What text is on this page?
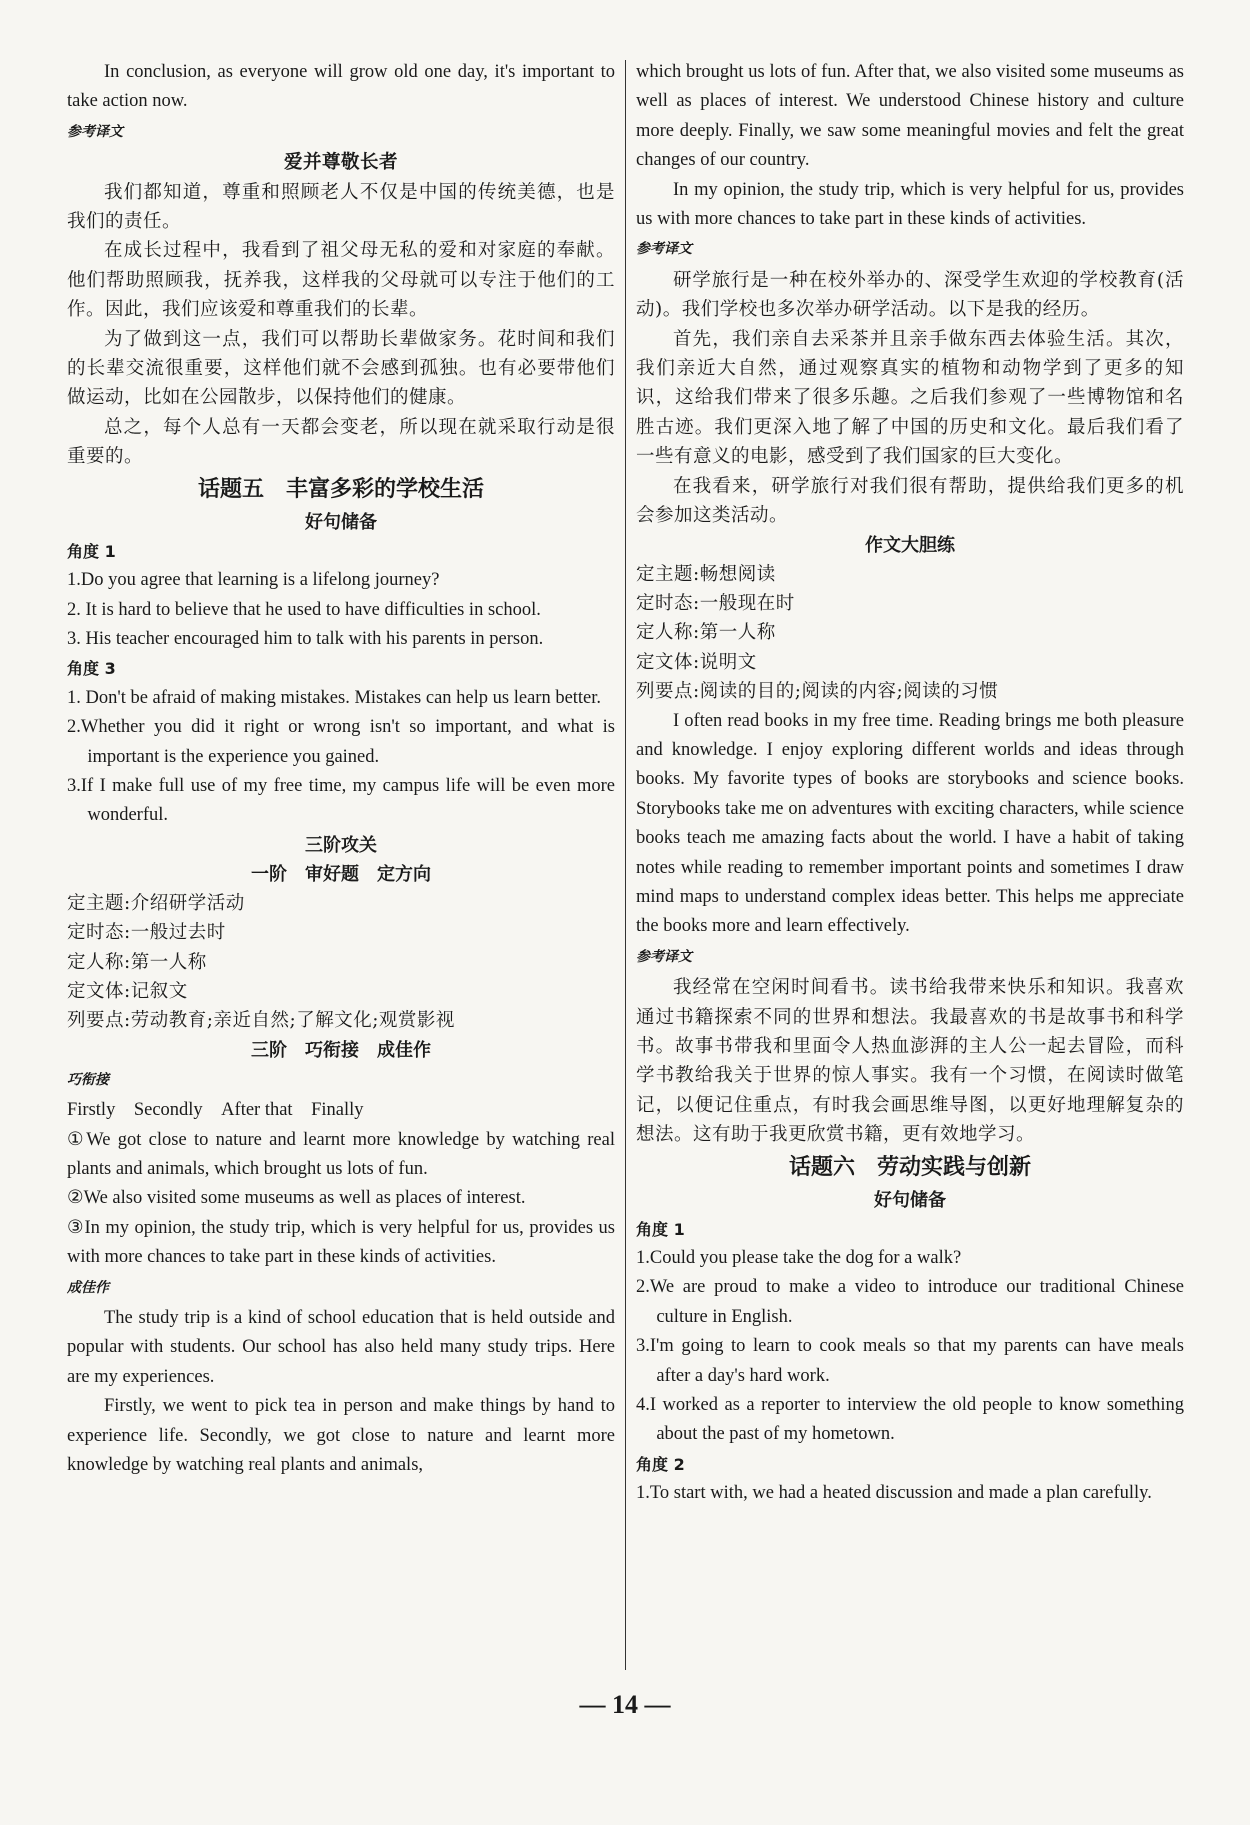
In conclusion, as everyone will grow old one day, it's important to take action now.

参考译文

爱并尊敬长者

我们都知道，尊重和照顾老人不仅是中国的传统美德，也是我们的责任。

在成长过程中，我看到了祖父母无私的爱和对家庭的奉献。他们帮助照顾我，抚养我，这样我的父母就可以专注于他们的工作。因此，我们应该爱和尊重我们的长辈。

为了做到这一点，我们可以帮助长辈做家务。花时间和我们的长辈交流很重要，这样他们就不会感到孤独。也有必要带他们做运动，比如在公园散步，以保持他们的健康。

总之，每个人总有一天都会变老，所以现在就采取行动是很重要的。

话题五　丰富多彩的学校生活

好句储备

角度 1

1.Do you agree that learning is a lifelong journey?

2. It is hard to believe that he used to have difficulties in school.

3. His teacher encouraged him to talk with his parents in person.

角度 3

1. Don't be afraid of making mistakes. Mistakes can help us learn better.

2.Whether you did it right or wrong isn't so important, and what is important is the experience you gained.

3.If I make full use of my free time, my campus life will be even more wonderful.

三阶攻关

一阶　审好题　定方向

定主题:介绍研学活动

定时态:一般过去时

定人称:第一人称

定文体:记叙文

列要点:劳动教育;亲近自然;了解文化;观赏影视

三阶　巧衔接　成佳作

巧衔接

Firstly　Secondly　After that　Finally

①We got close to nature and learnt more knowledge by watching real plants and animals, which brought us lots of fun.

②We also visited some museums as well as places of interest.

③In my opinion, the study trip, which is very helpful for us, provides us with more chances to take part in these kinds of activities.

成佳作

The study trip is a kind of school education that is held outside and popular with students. Our school has also held many study trips. Here are my experiences.

Firstly, we went to pick tea in person and make things by hand to experience life. Secondly, we got close to nature and learnt more knowledge by watching real plants and animals,

which brought us lots of fun. After that, we also visited some museums as well as places of interest. We understood Chinese history and culture more deeply. Finally, we saw some meaningful movies and felt the great changes of our country.

In my opinion, the study trip, which is very helpful for us, provides us with more chances to take part in these kinds of activities.

参考译文

研学旅行是一种在校外举办的、深受学生欢迎的学校教育(活动)。我们学校也多次举办研学活动。以下是我的经历。

首先，我们亲自去采茶并且亲手做东西去体验生活。其次，我们亲近大自然，通过观察真实的植物和动物学到了更多的知识，这给我们带来了很多乐趣。之后我们参观了一些博物馆和名胜古迹。我们更深入地了解了中国的历史和文化。最后我们看了一些有意义的电影，感受到了我们国家的巨大变化。

在我看来，研学旅行对我们很有帮助，提供给我们更多的机会参加这类活动。

作文大胆练

定主题:畅想阅读

定时态:一般现在时

定人称:第一人称

定文体:说明文

列要点:阅读的目的;阅读的内容;阅读的习惯

I often read books in my free time. Reading brings me both pleasure and knowledge. I enjoy exploring different worlds and ideas through books. My favorite types of books are storybooks and science books. Storybooks take me on adventures with exciting characters, while science books teach me amazing facts about the world. I have a habit of taking notes while reading to remember important points and sometimes I draw mind maps to understand complex ideas better. This helps me appreciate the books more and learn effectively.

参考译文

我经常在空闲时间看书。读书给我带来快乐和知识。我喜欢通过书籍探索不同的世界和想法。我最喜欢的书是故事书和科学书。故事书带我和里面令人热血澎湃的主人公一起去冒险，而科学书教给我关于世界的惊人事实。我有一个习惯，在阅读时做笔记，以便记住重点，有时我会画思维导图，以更好地理解复杂的想法。这有助于我更欣赏书籍，更有效地学习。

话题六　劳动实践与创新

好句储备

角度 1

1.Could you please take the dog for a walk?

2.We are proud to make a video to introduce our traditional Chinese culture in English.

3.I'm going to learn to cook meals so that my parents can have meals after a day's hard work.

4.I worked as a reporter to interview the old people to know something about the past of my hometown.

角度 2

1.To start with, we had a heated discussion and made a plan carefully.

— 14 —
